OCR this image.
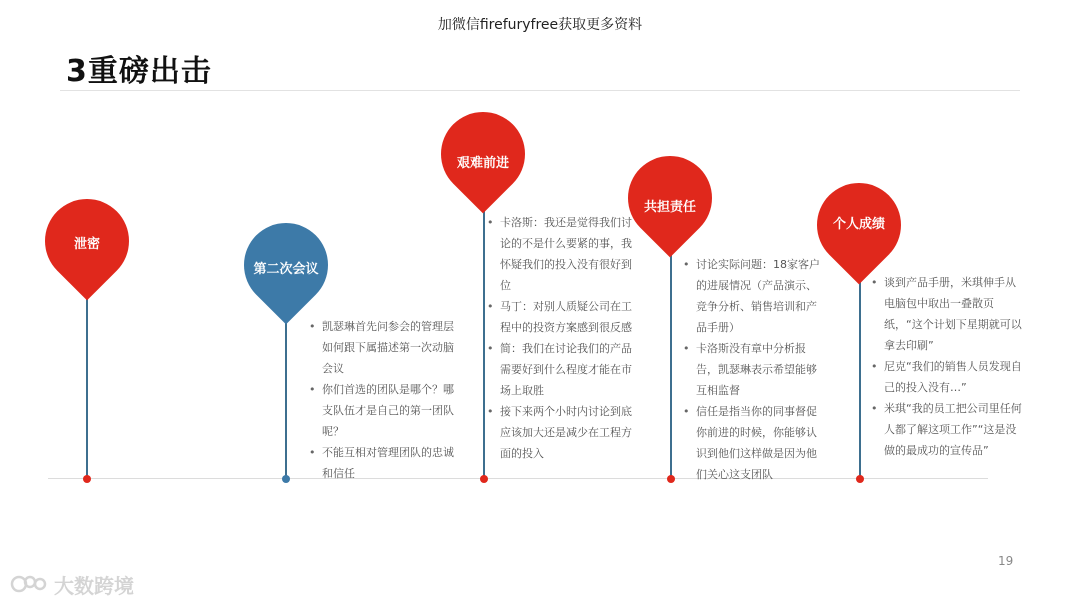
加微信firefuryfree获取更多资料
3重磅出击
泄密
第二次会议
• 凯瑟琳首先问参会的管理层如何跟下属描述第一次动脑会议
• 你们首选的团队是哪个？哪支队伍才是自己的第一团队呢？
• 不能互相对管理团队的忠诚和信任
艰难前进
• 卡洛斯：我还是觉得我们讨论的不是什么要紧的事，我怀疑我们的投入没有很好到位
• 马丁：对别人质疑公司在工程中的投资方案感到很反感
• 简：我们在讨论我们的产品需要好到什么程度才能在市场上取胜
• 接下来两个小时内讨论到底应该加大还是减少在工程方面的投入
共担责任
• 讨论实际问题：18家客户的进展情况（产品演示、竞争分析、销售培训和产品手册）
• 卡洛斯没有章中分析报告，凯瑟琳表示希望能够互相监督
• 信任是指当你的同事督促你前进的时候，你能够认识到他们这样做是因为他们关心这支团队
个人成绩
• 谈到产品手册，米琪伸手从电脑包中取出一叠散页纸，“这个计划下星期就可以拿去印刷”
• 尼克“我们的销售人员发现自己的投入没有…”
• 米琪“我的员工把公司里任何人都了解这项工作”“这是没做的最成功的宣传品”
19
大数跨境
